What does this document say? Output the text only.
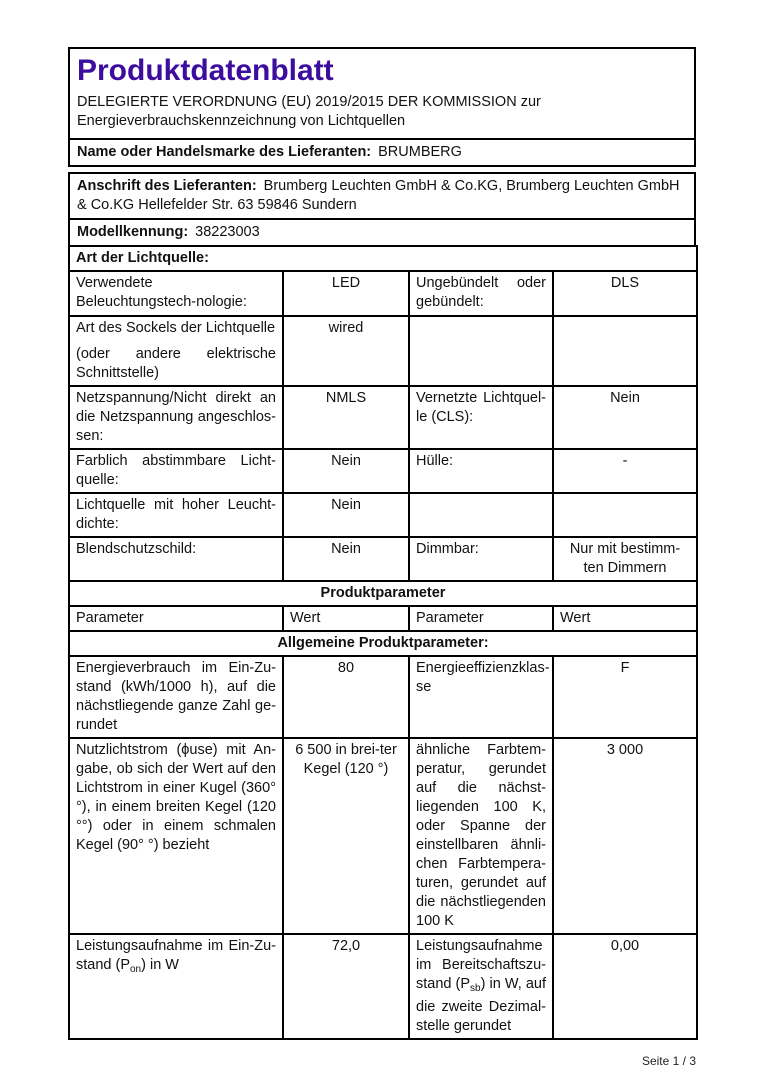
Produktdatenblatt

DELEGIERTE VERORDNUNG (EU) 2019/2015 DER KOMMISSION zur
Energieverbrauchskennzeichnung von Lichtquellen

Name oder Handelsmarke des Lieferanten: BRUMBERG
Anschrift des Lieferanten: Brumberg Leuchten GmbH & Co.KG, Brumberg Leuchten GmbH & Co.KG Hellefelder Str. 63 59846 Sundern
Modellkennung: 38223003
Art der Lichtquelle:			
Verwendete Beleuchtungstech-nologie:	LED	Ungebündelt oder gebündelt:	DLS
Art des Sockels der Lichtquelle
(oder andere elektrische Schnittstelle)	wired		
Netzspannung/Nicht direkt an die Netzspannung angeschlos-sen:	NMLS	Vernetzte Lichtquel-le (CLS):	Nein
Farblich abstimmbare Licht-quelle:	Nein	Hülle:	-
Lichtquelle mit hoher Leucht-dichte:	Nein		
Blendschutzschild:	Nein	Dimmbar:	Nur mit bestimm-ten Dimmern
Produktparameter			
Parameter	Wert	Parameter	Wert
Allgemeine Produktparameter:			
Energieverbrauch im Ein-Zu-stand (kWh/1000 h), auf die nächstliegende ganze Zahl ge-rundet	80	Energieeffizienzklas-se	F
Nutzlichtstrom (ϕuse) mit An-gabe, ob sich der Wert auf den Lichtstrom in einer Kugel (360° °), in einem breiten Kegel (120 °°) oder in einem schmalen Kegel (90° °) bezieht	6 500 in brei-ter Kegel (120 °)	ähnliche Farbtem-peratur, gerundet auf die nächst-liegenden 100 K, oder Spanne der einstellbaren ähnli-chen Farbtempera-turen, gerundet auf die nächstliegenden 100 K	3 000
Leistungsaufnahme im Ein-Zu-stand $(P_{on})$ in W	72,0	Leistungsaufnahme im Bereitschaftszu-stand $(P_{sb})$ in W, auf die zweite Dezimal-stelle gerundet	0,00
Seite 1 / 3
